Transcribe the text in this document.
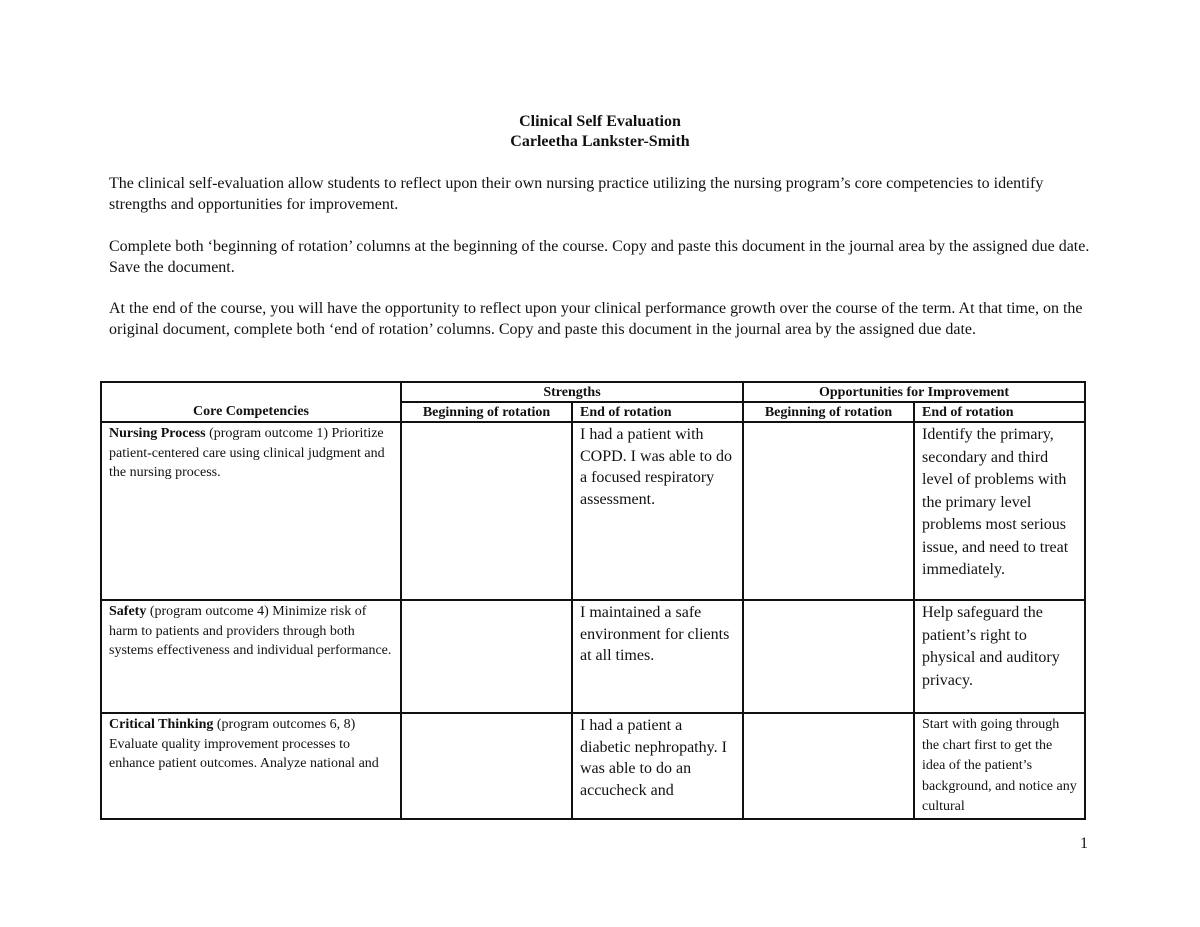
Clinical Self Evaluation
Carleetha Lankster-Smith
The clinical self-evaluation allow students to reflect upon their own nursing practice utilizing the nursing program’s core competencies to identify strengths and opportunities for improvement.
Complete both ‘beginning of rotation’ columns at the beginning of the course. Copy and paste this document in the journal area by the assigned due date. Save the document.
At the end of the course, you will have the opportunity to reflect upon your clinical performance growth over the course of the term. At that time, on the original document, complete both ‘end of rotation’ columns. Copy and paste this document in the journal area by the assigned due date.
	Strengths		Opportunities for Improvement	
Core Competencies	Beginning of rotation	End of rotation	Beginning of rotation	End of rotation
Nursing Process (program outcome 1) Prioritize patient-centered care using clinical judgment and the nursing process.		I had a patient with COPD. I was able to do a focused respiratory assessment.		Identify the primary, secondary and third level of problems with the primary level problems most serious issue, and need to treat immediately.
Safety (program outcome 4) Minimize risk of harm to patients and providers through both systems effectiveness and individual performance.		I maintained a safe environment for clients at all times.		Help safeguard the patient’s right to physical and auditory privacy.
Critical Thinking (program outcomes 6, 8) Evaluate quality improvement processes to enhance patient outcomes. Analyze national and		I had a patient a diabetic nephropathy. I was able to do an accucheck and		Start with going through the chart first to get the idea of the patient’s background, and notice any cultural
1
